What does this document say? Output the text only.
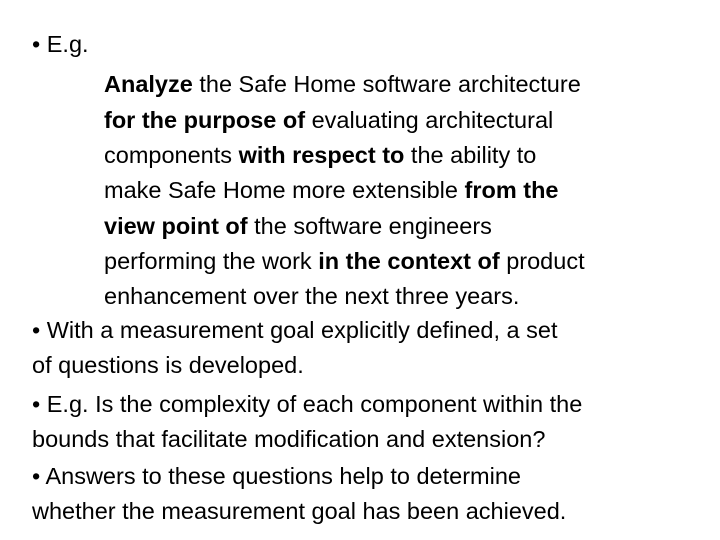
• E.g.
Analyze the Safe Home software architecture
for the purpose of evaluating architectural
components with respect to the ability to
make Safe Home more extensible from the
view point of the software engineers
performing the work in the context of product
enhancement over the next three years.
• With a measurement goal explicitly defined, a set
of questions is developed.
• E.g. Is the complexity of each component within the
bounds that facilitate modification and extension?
• Answers to these questions help to determine
whether the measurement goal has been achieved.
